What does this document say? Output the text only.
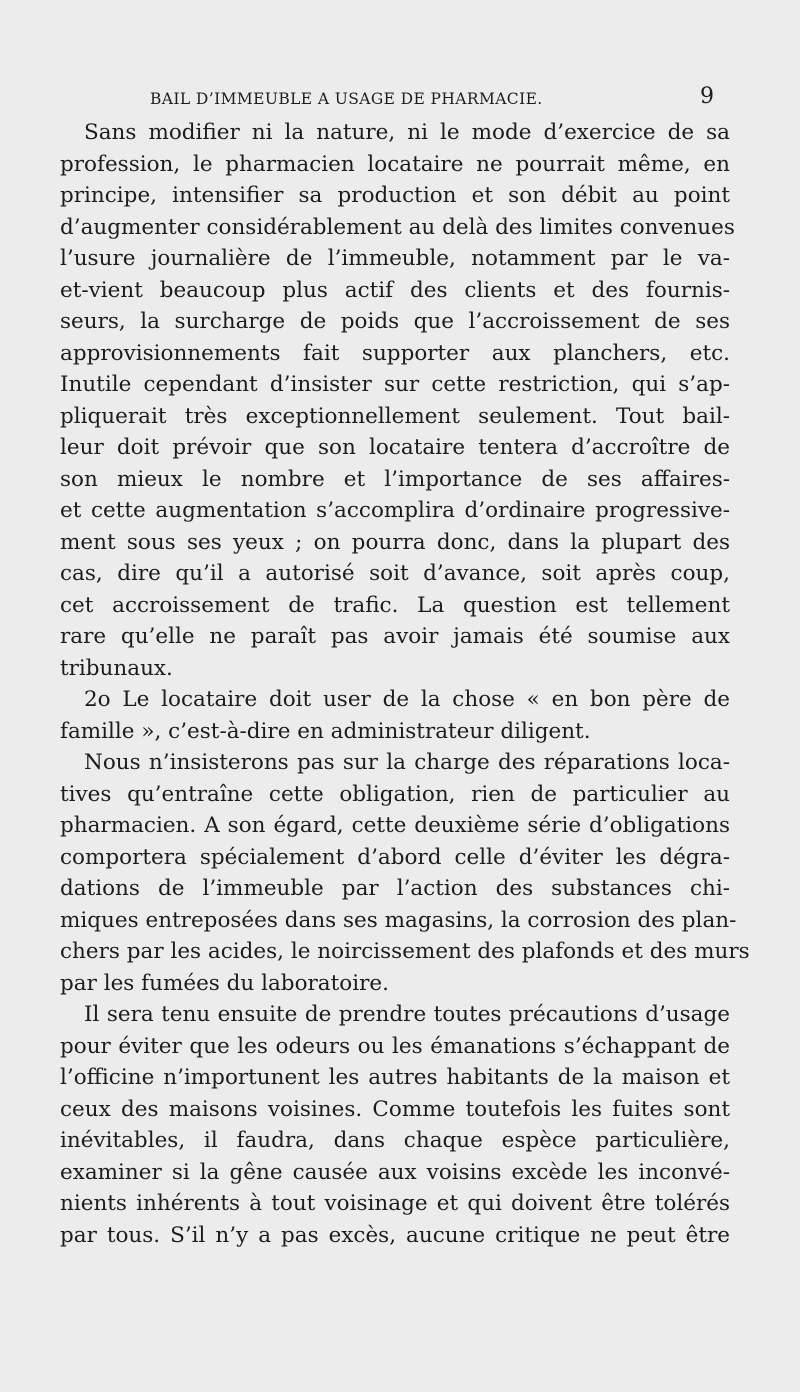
BAIL D’IMMEUBLE A USAGE DE PHARMACIE.	9
Sans modifier ni la nature, ni le mode d’exercice de sa
profession, le pharmacien locataire ne pourrait même, en
principe, intensifier sa production et son débit au point
d’augmenter considérablement au delà des limites convenues
l’usure journalière de l’immeuble, notamment par le va-
et-vient beaucoup plus actif des clients et des fournis-
seurs, la surcharge de poids que l’accroissement de ses
approvisionnements fait supporter aux planchers, etc.
Inutile cependant d’insister sur cette restriction, qui s’ap-
pliquerait très exceptionnellement seulement. Tout bail-
leur doit prévoir que son locataire tentera d’accroître de
son mieux le nombre et l’importance de ses affaires-
et cette augmentation s’accomplira d’ordinaire progressive-
ment sous ses yeux ; on pourra donc, dans la plupart des
cas, dire qu’il a autorisé soit d’avance, soit après coup,
cet accroissement de trafic. La question est tellement
rare qu’elle ne paraît pas avoir jamais été soumise aux
tribunaux.
2o Le locataire doit user de la chose « en bon père de
famille », c’est-à-dire en administrateur diligent.
Nous n’insisterons pas sur la charge des réparations loca-
tives qu’entraîne cette obligation, rien de particulier au
pharmacien. A son égard, cette deuxième série d’obligations
comportera spécialement d’abord celle d’éviter les dégra-
dations de l’immeuble par l’action des substances chi-
miques entreposées dans ses magasins, la corrosion des plan-
chers par les acides, le noircissement des plafonds et des murs
par les fumées du laboratoire.
Il sera tenu ensuite de prendre toutes précautions d’usage
pour éviter que les odeurs ou les émanations s’échappant de
l’officine n’importunent les autres habitants de la maison et
ceux des maisons voisines. Comme toutefois les fuites sont
inévitables, il faudra, dans chaque espèce particulière,
examiner si la gêne causée aux voisins excède les inconvé-
nients inhérents à tout voisinage et qui doivent être tolérés
par tous. S’il n’y a pas excès, aucune critique ne peut être
